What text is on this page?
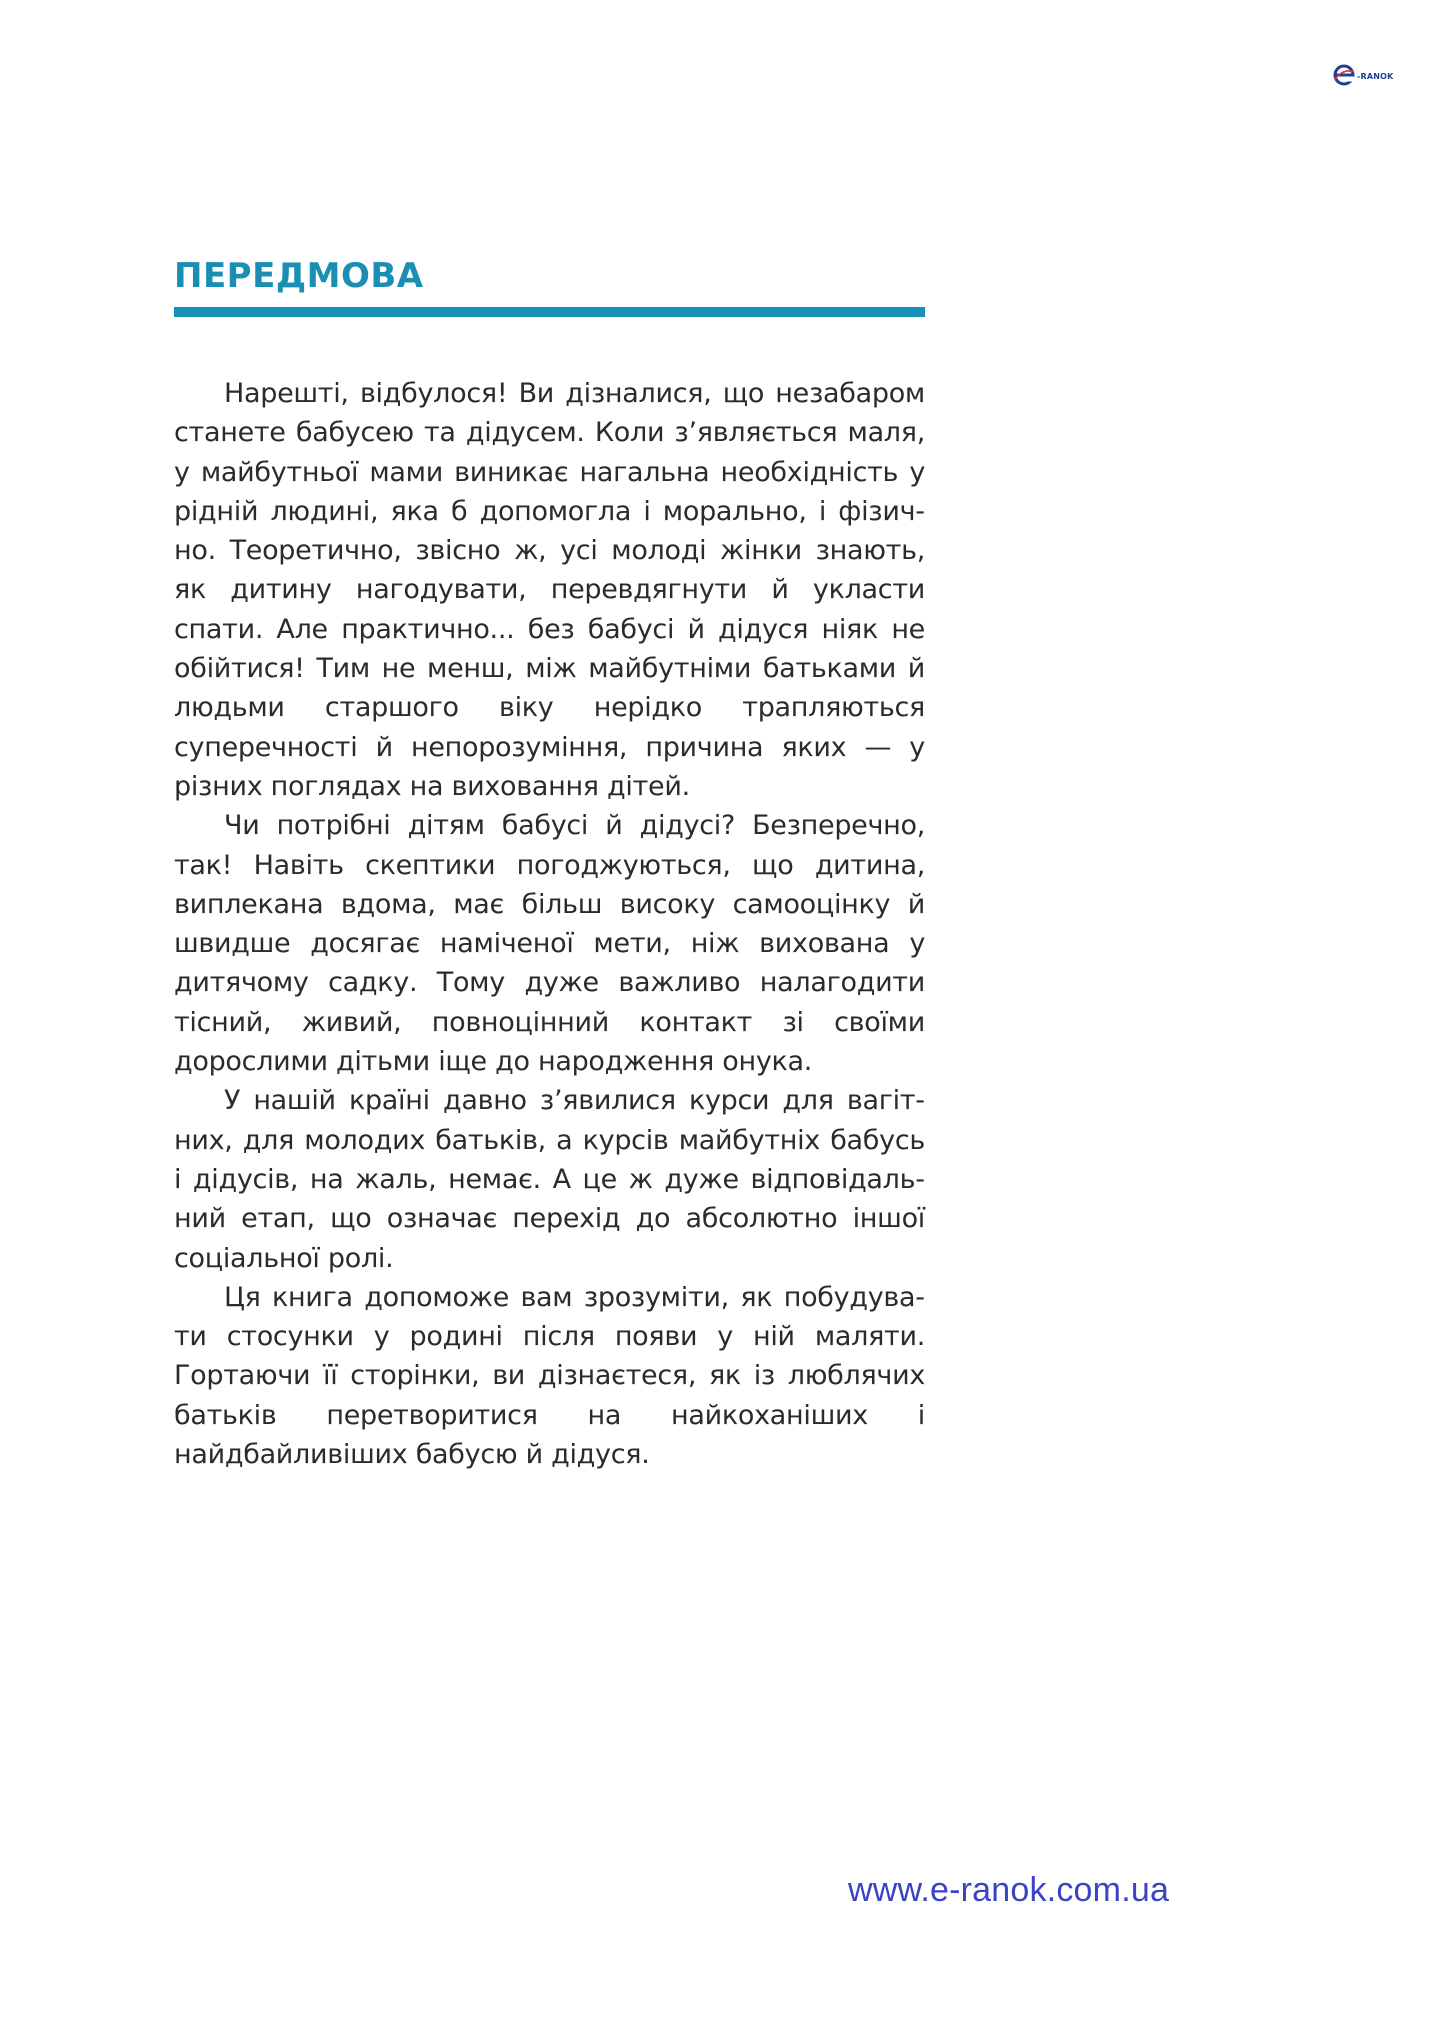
-RANOK
ПЕРЕДМОВА

Нарешті, відбулося! Ви дізналися, що незабаром станете бабусею та дідусем. Коли з’являється маля, у майбутньої мами виникає нагальна необхідність у рідній людині, яка б допомогла і морально, і фізично. Теоретично, звісно ж, усі молоді жінки знають, як дитину нагодувати, перевдягнути й укласти спати. Але практично... без бабусі й дідуся ніяк не обійтися! Тим не менш, між майбутніми батьками й людьми старшого віку нерідко трапляються суперечності й непорозуміння, причина яких — у різних поглядах на виховання дітей.

Чи потрібні дітям бабусі й дідусі? Безперечно, так! Навіть скептики погоджуються, що дитина, виплекана вдома, має більш високу самооцінку й швидше досягає наміченої мети, ніж вихована у дитячому садку. Тому дуже важливо налагодити тісний, живий, повноцінний контакт зі своїми дорослими дітьми іще до народження онука.

У нашій країні давно з’явилися курси для вагітних, для молодих батьків, а курсів майбутніх бабусь і дідусів, на жаль, немає. А це ж дуже відповідальний етап, що означає перехід до абсолютно іншої соціальної ролі.

Ця книга допоможе вам зрозуміти, як побудувати стосунки у родині після появи у ній маляти. Гортаючи її сторінки, ви дізнаєтеся, як із люблячих батьків перетворитися на найкоханіших і найдбайливіших бабусю й дідуся.

www.e-ranok.com.ua
